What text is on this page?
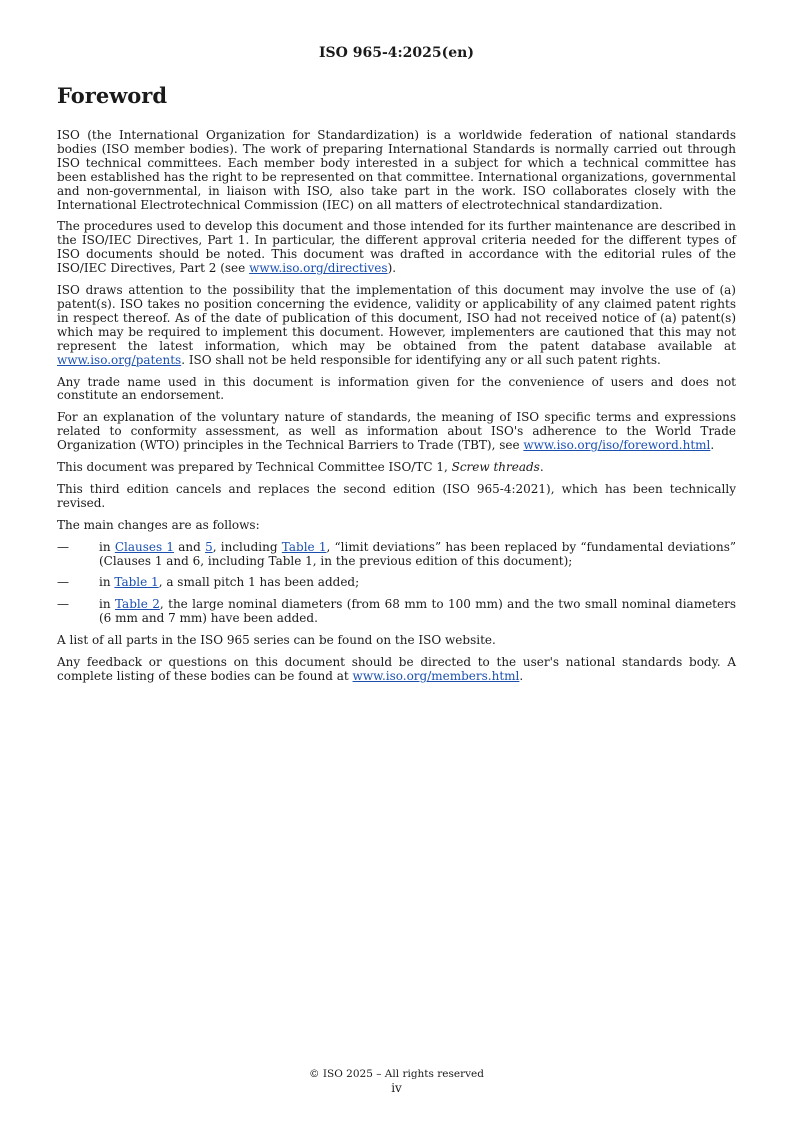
ISO 965-4:2025(en)
Foreword

ISO (the International Organization for Standardization) is a worldwide federation of national standards bodies (ISO member bodies). The work of preparing International Standards is normally carried out through ISO technical committees. Each member body interested in a subject for which a technical committee has been established has the right to be represented on that committee. International organizations, governmental and non-governmental, in liaison with ISO, also take part in the work. ISO collaborates closely with the International Electrotechnical Commission (IEC) on all matters of electrotechnical standardization.

The procedures used to develop this document and those intended for its further maintenance are described in the ISO/IEC Directives, Part 1. In particular, the different approval criteria needed for the different types of ISO documents should be noted. This document was drafted in accordance with the editorial rules of the ISO/IEC Directives, Part 2 (see www.iso.org/directives).

ISO draws attention to the possibility that the implementation of this document may involve the use of (a) patent(s). ISO takes no position concerning the evidence, validity or applicability of any claimed patent rights in respect thereof. As of the date of publication of this document, ISO had not received notice of (a) patent(s) which may be required to implement this document. However, implementers are cautioned that this may not represent the latest information, which may be obtained from the patent database available at www.iso.org/patents. ISO shall not be held responsible for identifying any or all such patent rights.

Any trade name used in this document is information given for the convenience of users and does not constitute an endorsement.

For an explanation of the voluntary nature of standards, the meaning of ISO specific terms and expressions related to conformity assessment, as well as information about ISO's adherence to the World Trade Organization (WTO) principles in the Technical Barriers to Trade (TBT), see www.iso.org/iso/foreword.html.

This document was prepared by Technical Committee ISO/TC 1, Screw threads.

This third edition cancels and replaces the second edition (ISO 965-4:2021), which has been technically revised.

The main changes are as follows:

—	in Clauses 1 and 5, including Table 1, “limit deviations” has been replaced by “fundamental deviations” (Clauses 1 and 6, including Table 1, in the previous edition of this document);
—	in Table 1, a small pitch 1 has been added;
—	in Table 2, the large nominal diameters (from 68 mm to 100 mm) and the two small nominal diameters (6 mm and 7 mm) have been added.

A list of all parts in the ISO 965 series can be found on the ISO website.

Any feedback or questions on this document should be directed to the user's national standards body. A complete listing of these bodies can be found at www.iso.org/members.html.

© ISO 2025 – All rights reserved
iv
